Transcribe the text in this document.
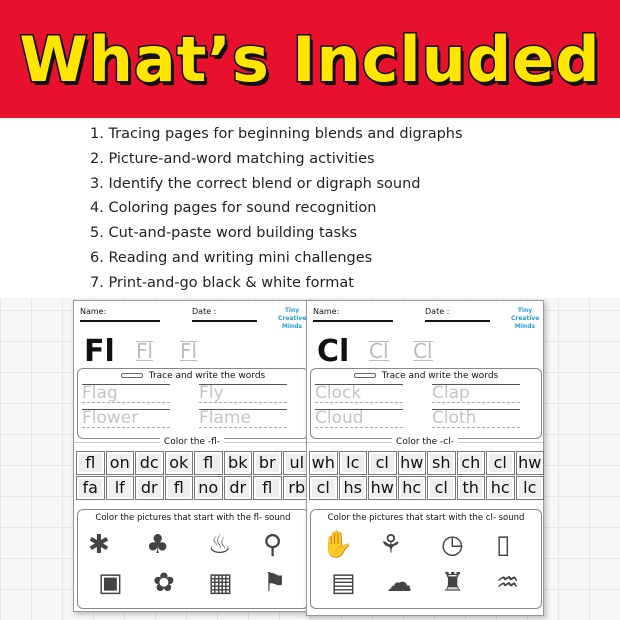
What’s Included
1. Tracing pages for beginning blends and digraphs
2. Picture-and-word matching activities
3. Identify the correct blend or digraph sound
4. Coloring pages for sound recognition
5. Cut-and-paste word building tasks
6. Reading and writing mini challenges
7. Print-and-go black & white format
Name:	Date :	Tiny Creative Minds
Fl Fl Fl
Trace and write the words
Flag	Fly
Flower	Flame
Color the -fl-
fl on dc ok fl bk br ul
fa	lf	dr	fl no dr	fl	rb
Color the pictures that start with the fl- sound
✱ ♣ ♨ ⚲
▣ ✿ ▦ ⚑
Name:	Date :	Tiny Creative Minds
Cl Cl Cl
Trace and write the words
Clock	Clap
Cloud	Cloth
Color the -cl-
wh lc	cl hw sh ch cl hw
cl hs hw hc cl th hc lc
Color the pictures that start with the cl- sound
✋ ⚘ ◷ ▯
▤ ☁ ♜ ♒
